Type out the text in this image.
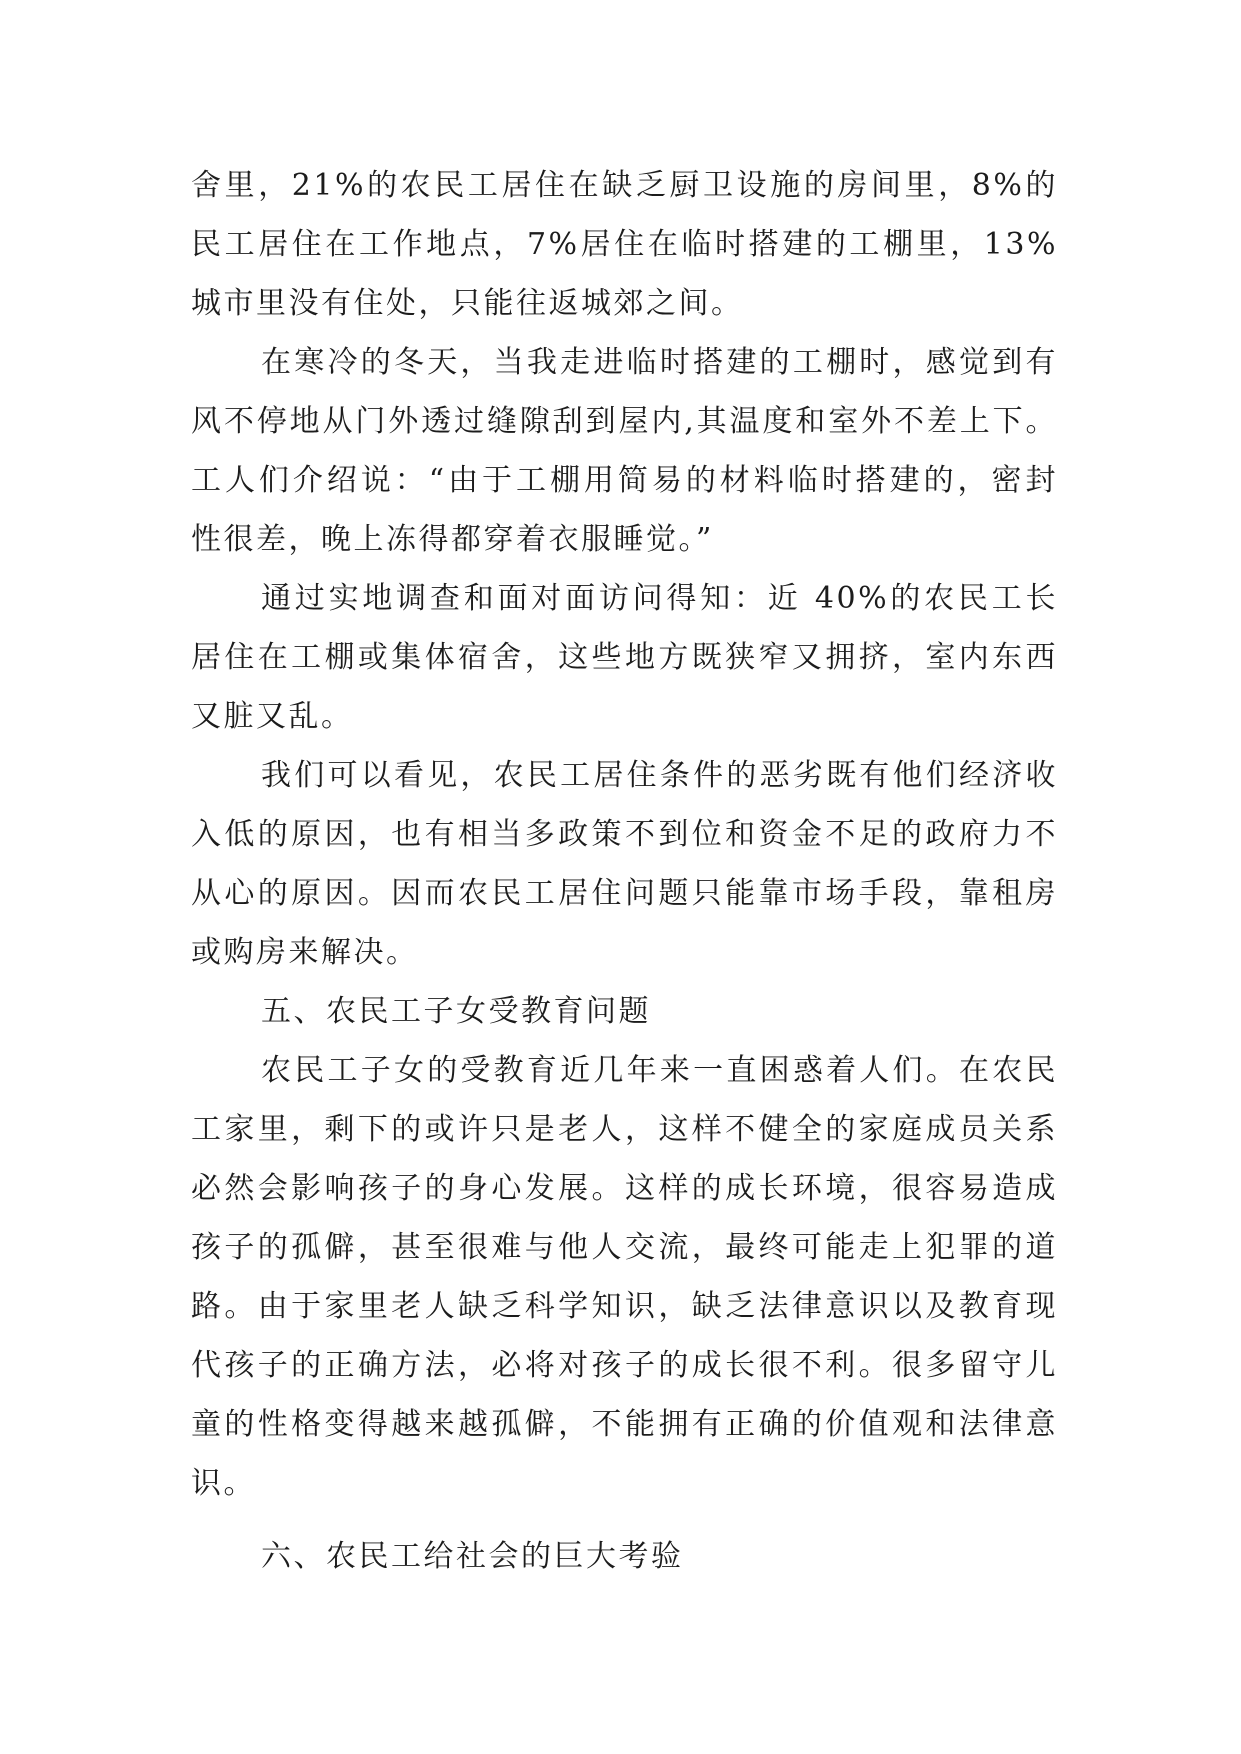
舍里，21%的农民工居住在缺乏厨卫设施的房间里，8%的
民工居住在工作地点，7%居住在临时搭建的工棚里，13%
城市里没有住处，只能往返城郊之间。
在寒冷的冬天，当我走进临时搭建的工棚时，感觉到有
风不停地从门外透过缝隙刮到屋内,其温度和室外不差上下。
工人们介绍说：“由于工棚用简易的材料临时搭建的，密封
性很差，晚上冻得都穿着衣服睡觉。”
通过实地调查和面对面访问得知：近 40%的农民工长
居住在工棚或集体宿舍，这些地方既狭窄又拥挤，室内东西
又脏又乱。
我们可以看见，农民工居住条件的恶劣既有他们经济收
入低的原因，也有相当多政策不到位和资金不足的政府力不
从心的原因。因而农民工居住问题只能靠市场手段，靠租房
或购房来解决。
五、农民工子女受教育问题
农民工子女的受教育近几年来一直困惑着人们。在农民
工家里，剩下的或许只是老人，这样不健全的家庭成员关系
必然会影响孩子的身心发展。这样的成长环境，很容易造成
孩子的孤僻，甚至很难与他人交流，最终可能走上犯罪的道
路。由于家里老人缺乏科学知识，缺乏法律意识以及教育现
代孩子的正确方法，必将对孩子的成长很不利。很多留守儿
童的性格变得越来越孤僻，不能拥有正确的价值观和法律意
识。
六、农民工给社会的巨大考验
